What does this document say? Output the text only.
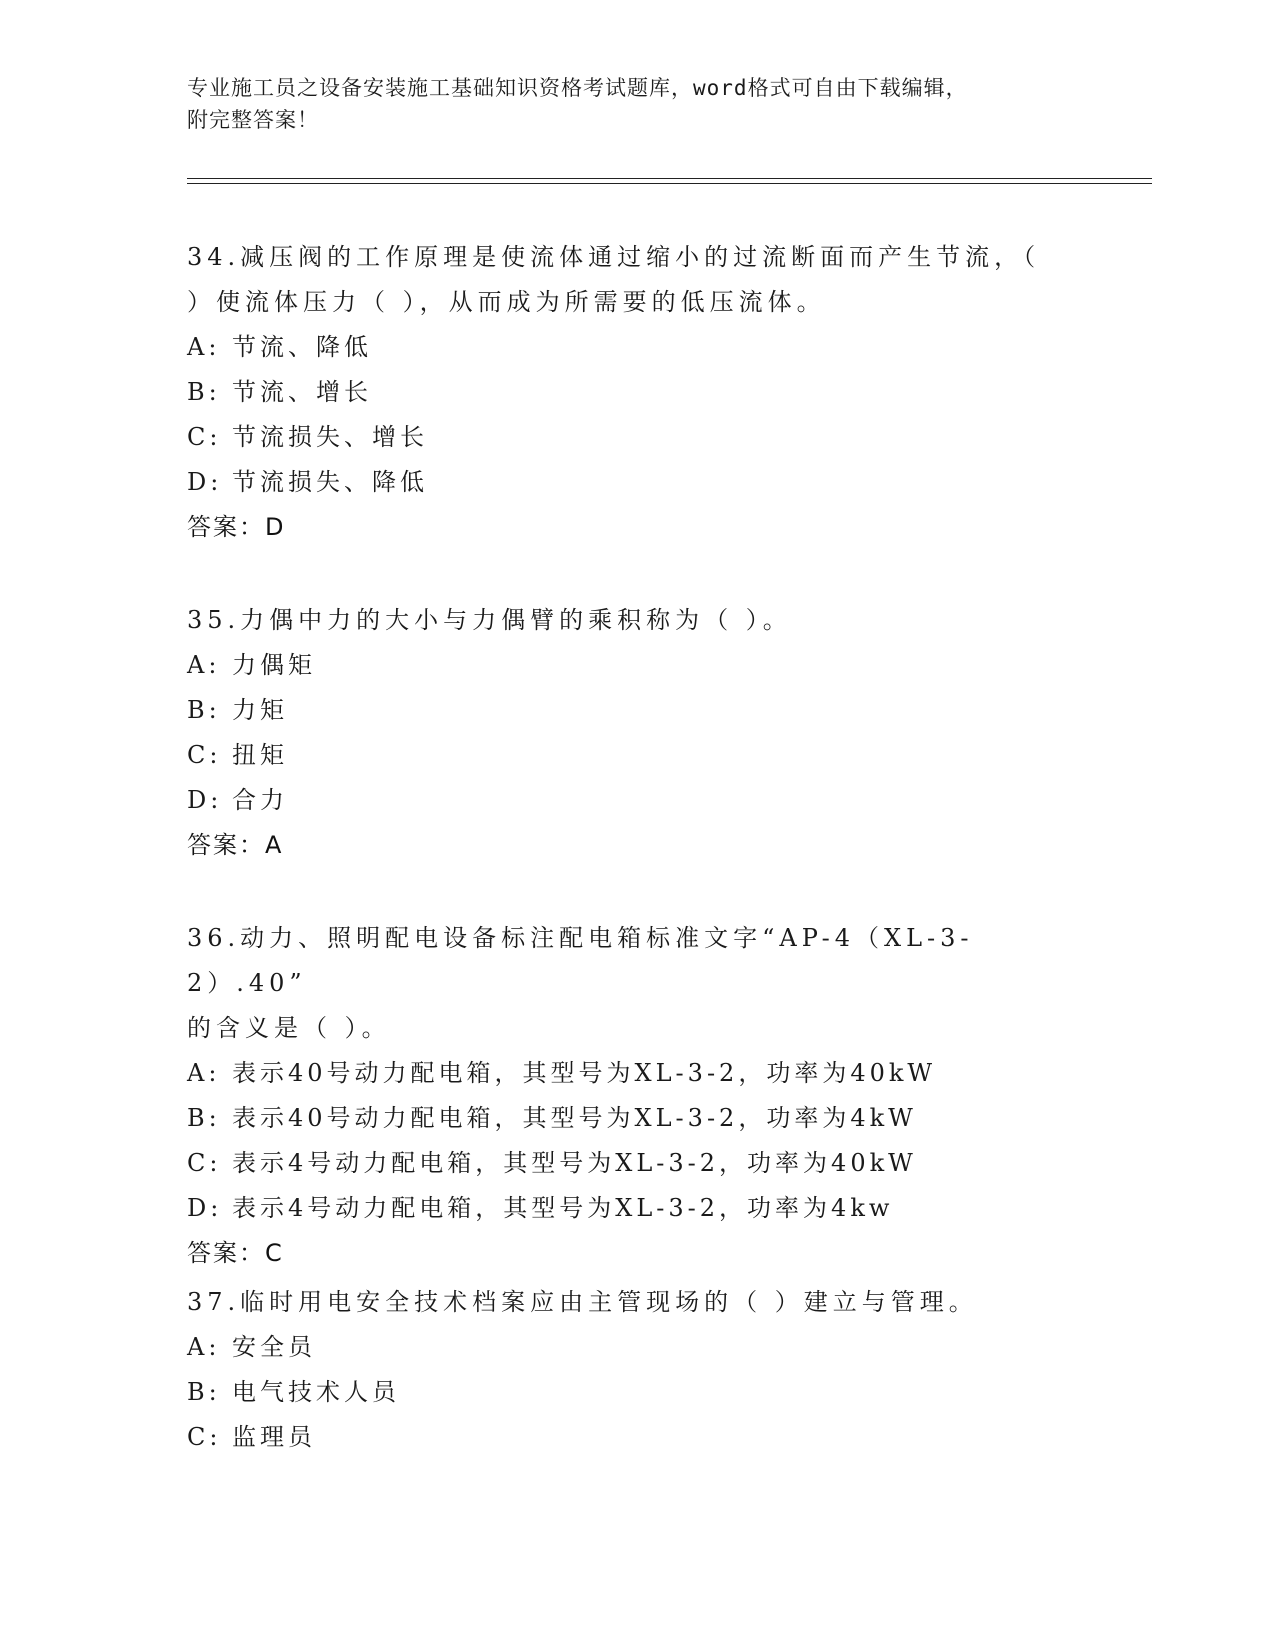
专业施工员之设备安装施工基础知识资格考试题库，word格式可自由下载编辑，
附完整答案！
34.减压阀的工作原理是使流体通过缩小的过流断面而产生节流，（
）使流体压力（ ），从而成为所需要的低压流体。
A: 节流、降低
B: 节流、增长
C: 节流损失、增长
D: 节流损失、降低
答案：D
35.力偶中力的大小与力偶臂的乘积称为（ ）。
A: 力偶矩
B: 力矩
C: 扭矩
D: 合力
答案：A
36.动力、照明配电设备标注配电箱标准文字“AP-4（XL-3-2）.40”
的含义是（ ）。
A: 表示40号动力配电箱，其型号为XL-3-2，功率为40kW
B: 表示40号动力配电箱，其型号为XL-3-2，功率为4kW
C: 表示4号动力配电箱，其型号为XL-3-2，功率为40kW
D: 表示4号动力配电箱，其型号为XL-3-2，功率为4kw
答案：C
37.临时用电安全技术档案应由主管现场的（ ）建立与管理。
A: 安全员
B: 电气技术人员
C: 监理员
